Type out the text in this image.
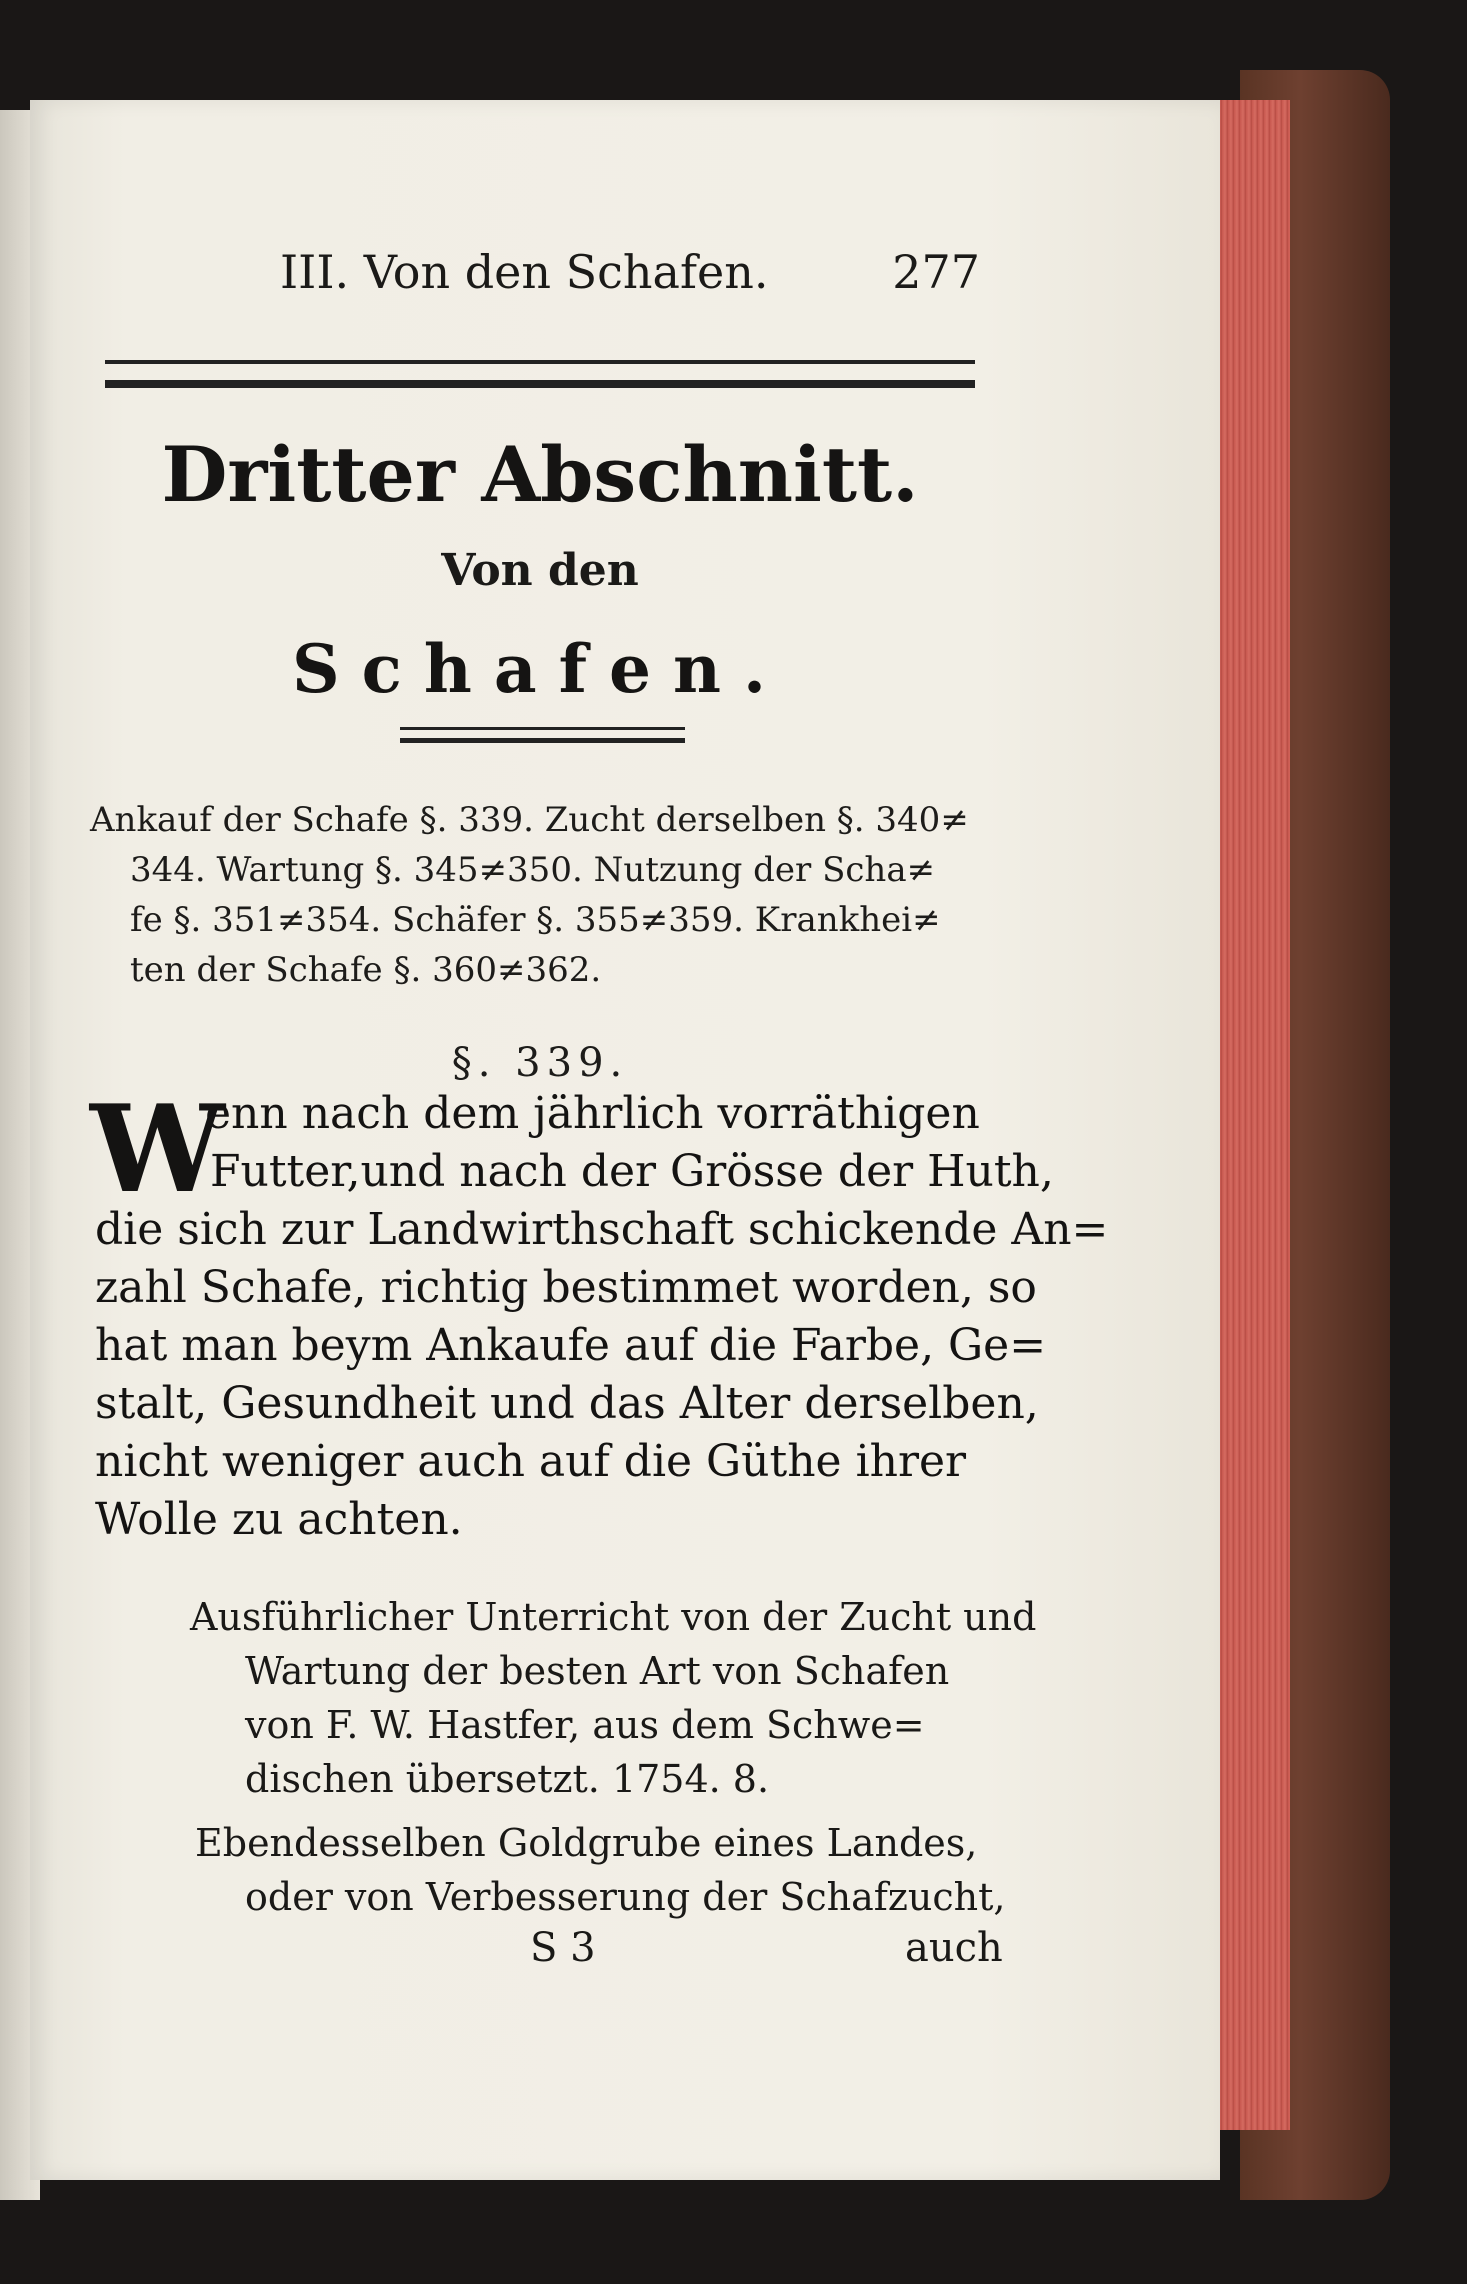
III. Von den Schafen.	277
Dritter Abschnitt.
Von den
Schafen.
Ankauf der Schafe §. 339. Zucht derselben §. 340≠
344. Wartung §. 345≠350. Nutzung der Scha≠
fe §. 351≠354. Schäfer §. 355≠359. Krankhei≠
ten der Schafe §. 360≠362.
§. 339.
W
enn nach dem jährlich vorräthigen
Futter,und nach der Grösse der Huth,
die sich zur Landwirthschaft schickende An=
zahl Schafe, richtig bestimmet worden, so
hat man beym Ankaufe auf die Farbe, Ge=
stalt, Gesundheit und das Alter derselben,
nicht weniger auch auf die Güthe ihrer
Wolle zu achten.
Ausführlicher Unterricht von der Zucht und
Wartung der besten Art von Schafen
von F. W. Hastfer, aus dem Schwe=
dischen übersetzt. 1754. 8.
Ebendesselben Goldgrube eines Landes,
oder von Verbesserung der Schafzucht,
S 3	auch
